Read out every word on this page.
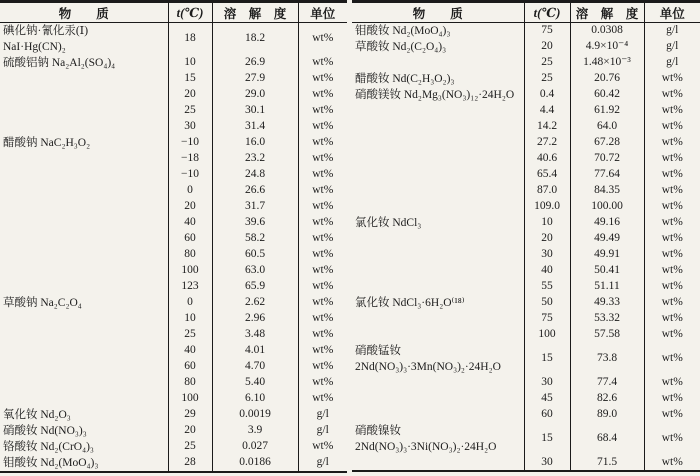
物　　质	t(℃)	溶　解　度	单位

碘化钠·氰化汞(Ⅰ)
NaI·Hg(CN)₂	18	18.2	wt%

硫酸铝钠 Na₂Al₂(SO₄)₄	10	26.9	wt%
	15	27.9	wt%
	20	29.0	wt%
	25	30.1	wt%
	30	31.4	wt%

醋酸钠 NaC₂H₃O₂	−10	16.0	wt%
	−18	23.2	wt%
	−10	24.8	wt%
	0	26.6	wt%
	20	31.7	wt%
	40	39.6	wt%
	60	58.2	wt%
	80	60.5	wt%
	100	63.0	wt%
	123	65.9	wt%

草酸钠 Na₂C₂O₄	0	2.62	wt%
	10	2.96	wt%
	25	3.48	wt%
	40	4.01	wt%
	60	4.70	wt%
	80	5.40	wt%
	100	6.10	wt%

氧化钕 Nd₂O₃	29	0.0019	g/l

硝酸钕 Nd(NO₃)₃	20	3.9	g/l

铬酸钕 Nd₂(CrO₄)₃	25	0.027	wt%

钼酸钕 Nd₂(MoO₄)₃	28	0.0186	g/l
物　　质	t(℃)	溶　解　度	单位

钼酸钕 Nd₂(MoO₄)₃	75	0.0308	g/l

草酸钕 Nd₂(C₂O₄)₃	20	4.9×10⁻⁴	g/l
	25	1.48×10⁻³	g/l

醋酸钕 Nd(C₂H₃O₂)₃	25	20.76	wt%

硝酸镁钕 Nd₂Mg₃(NO₃)₁₂·24H₂O	0.4	60.42	wt%
	4.4	61.92	wt%
	14.2	64.0	wt%
	27.2	67.28	wt%
	40.6	70.72	wt%
	65.4	77.64	wt%
	87.0	84.35	wt%
	109.0	100.00	wt%

氯化钕 NdCl₃	10	49.16	wt%
	20	49.49	wt%
	30	49.91	wt%
	40	50.41	wt%
	55	51.11	wt%

氯化钕 NdCl₃·6H₂O⁽¹⁸⁾	50	49.33	wt%
	75	53.32	wt%
	100	57.58	wt%

硝酸锰钕
2Nd(NO₃)₃·3Mn(NO₃)₂·24H₂O	15	73.8	wt%
	30	77.4	wt%
	45	82.6	wt%
	60	89.0	wt%

硝酸镍钕
2Nd(NO₃)₃·3Ni(NO₃)₂·24H₂O	15	68.4	wt%
	30	71.5	wt%
